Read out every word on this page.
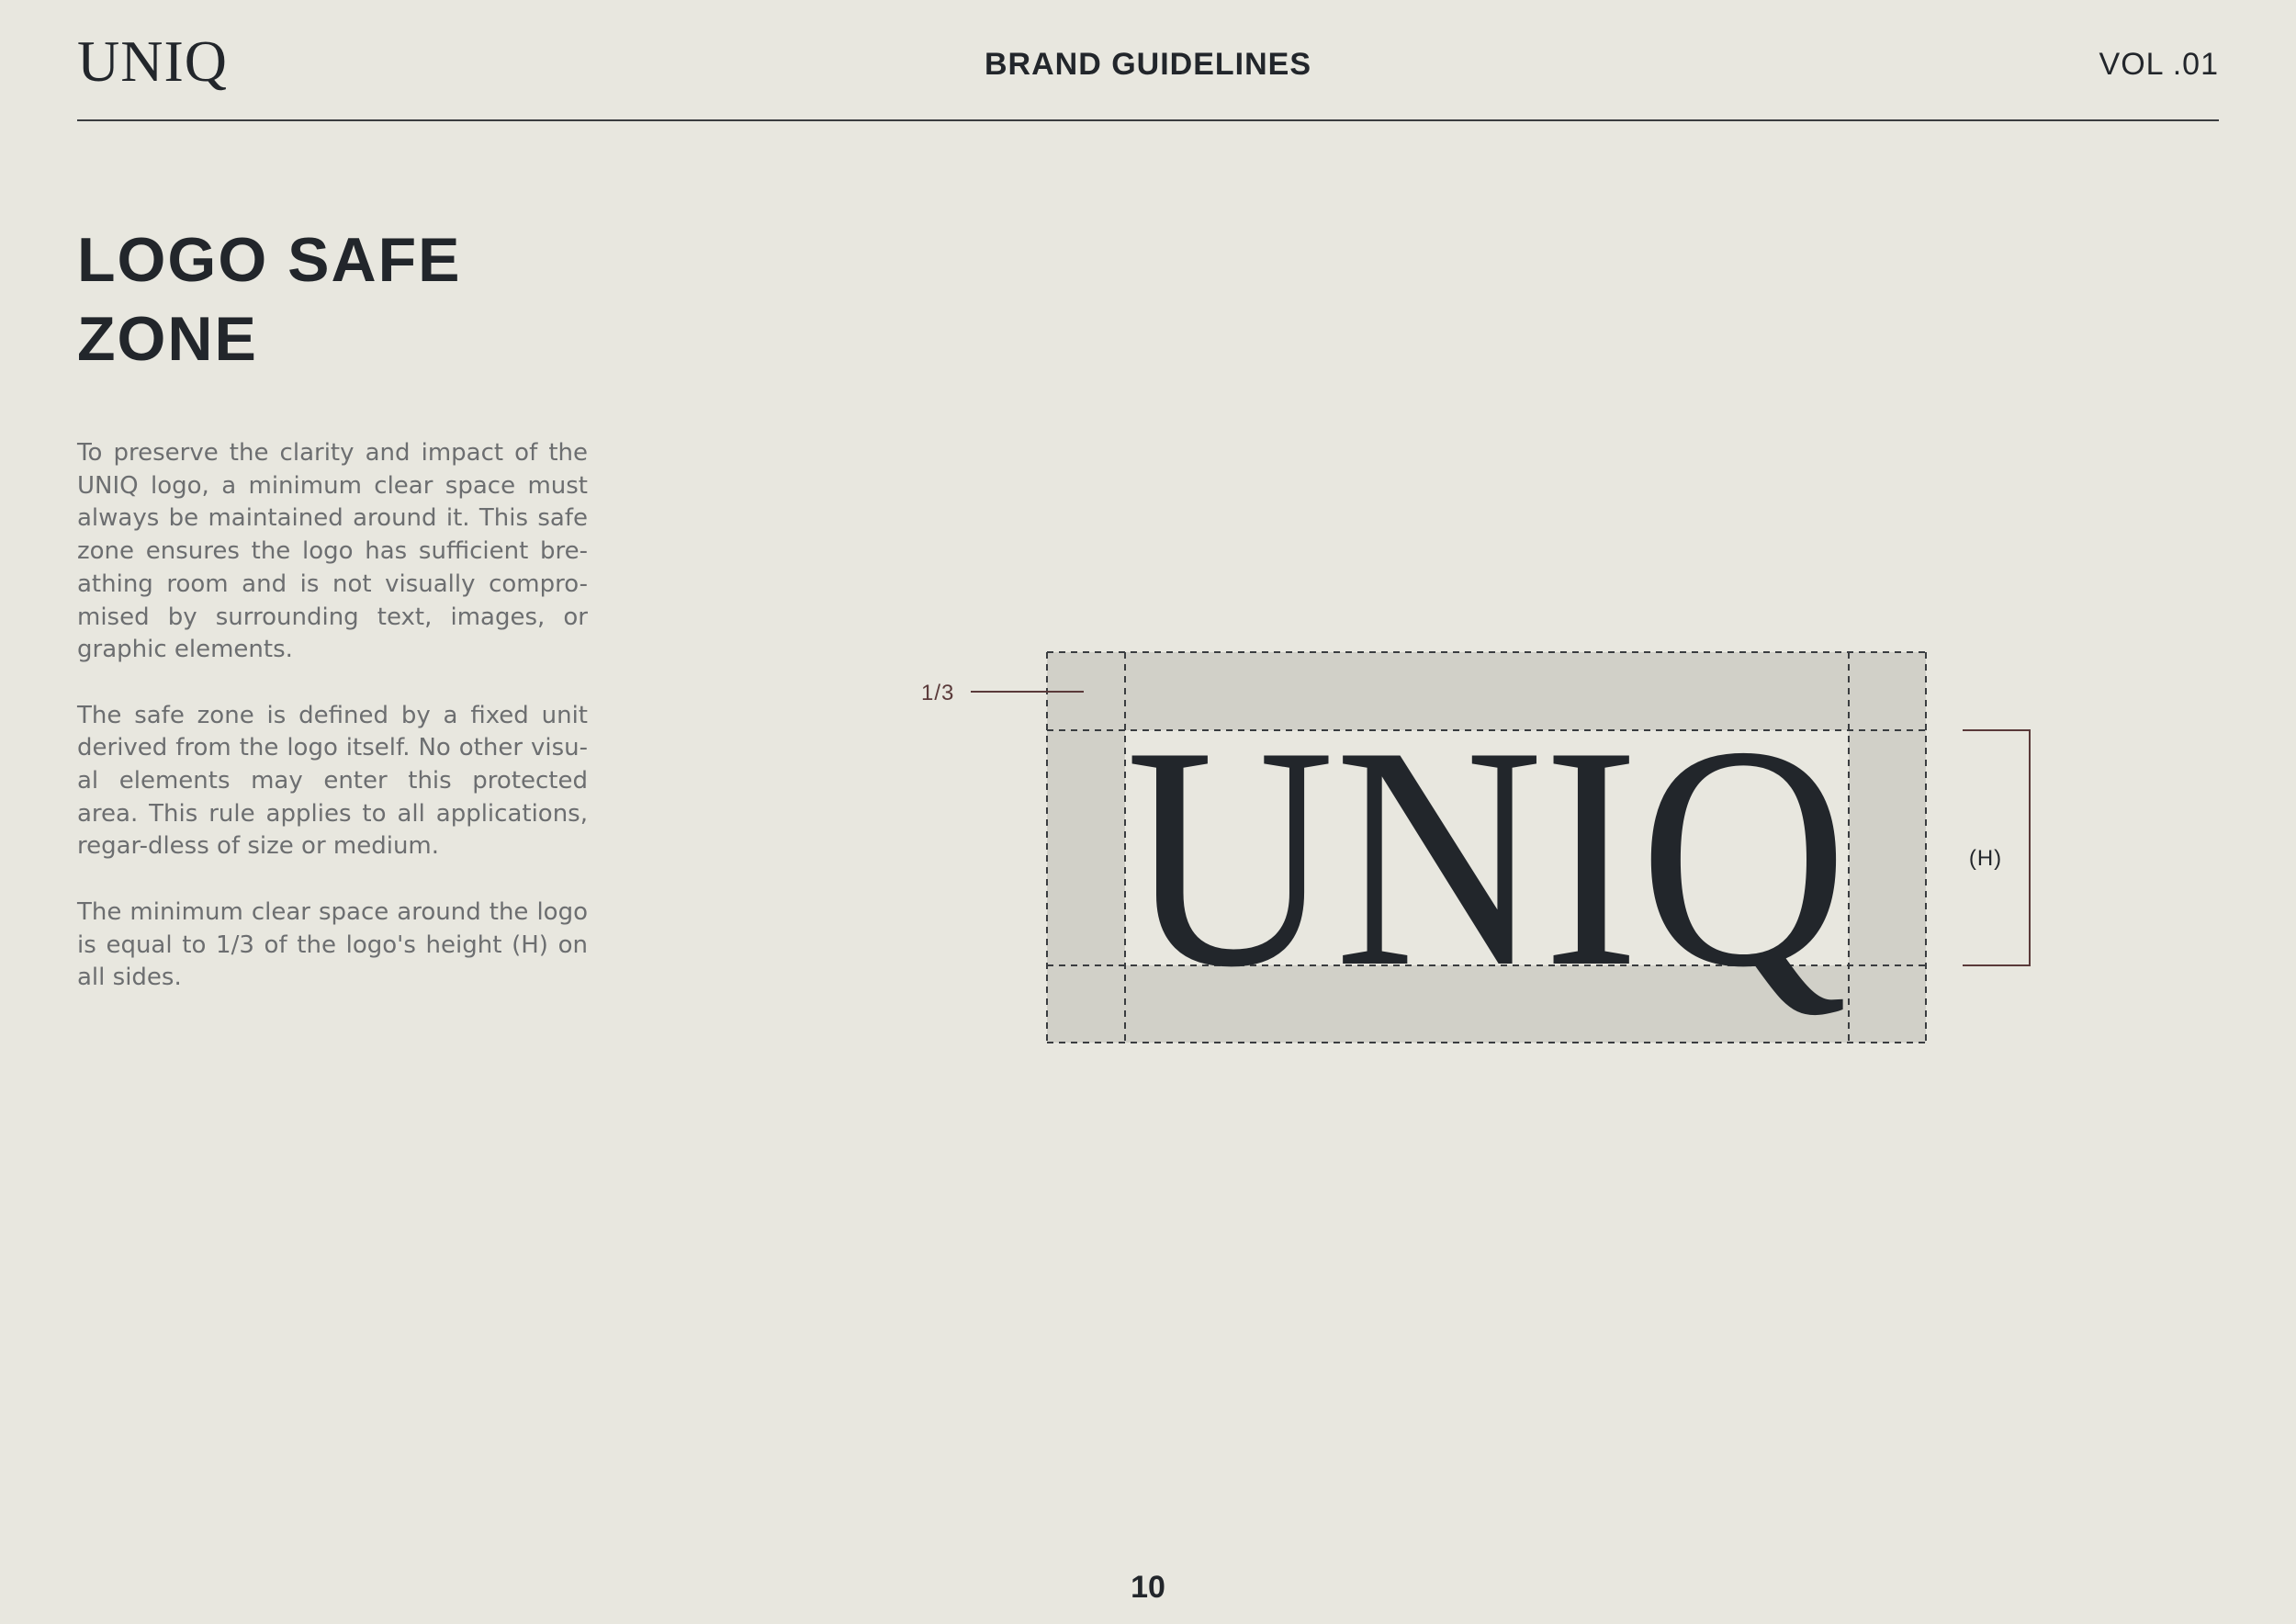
UNIQ	BRAND GUIDELINES	VOL .01
LOGO SAFE
ZONE

To preserve the clarity and impact of the UNIQ logo, a minimum clear space must always be maintained around it. This safe zone ensures the logo has sufficient bre-athing room and is not visually compro-mised by surrounding text, images, or graphic elements.

The safe zone is defined by a fixed unit derived from the logo itself. No other visu-al elements may enter this protected area. This rule applies to all applications, regar-dless of size or medium.

The minimum clear space around the logo is equal to 1/3 of the logo's height (H) on all sides.	UNIQ
1/3
(H)
10
